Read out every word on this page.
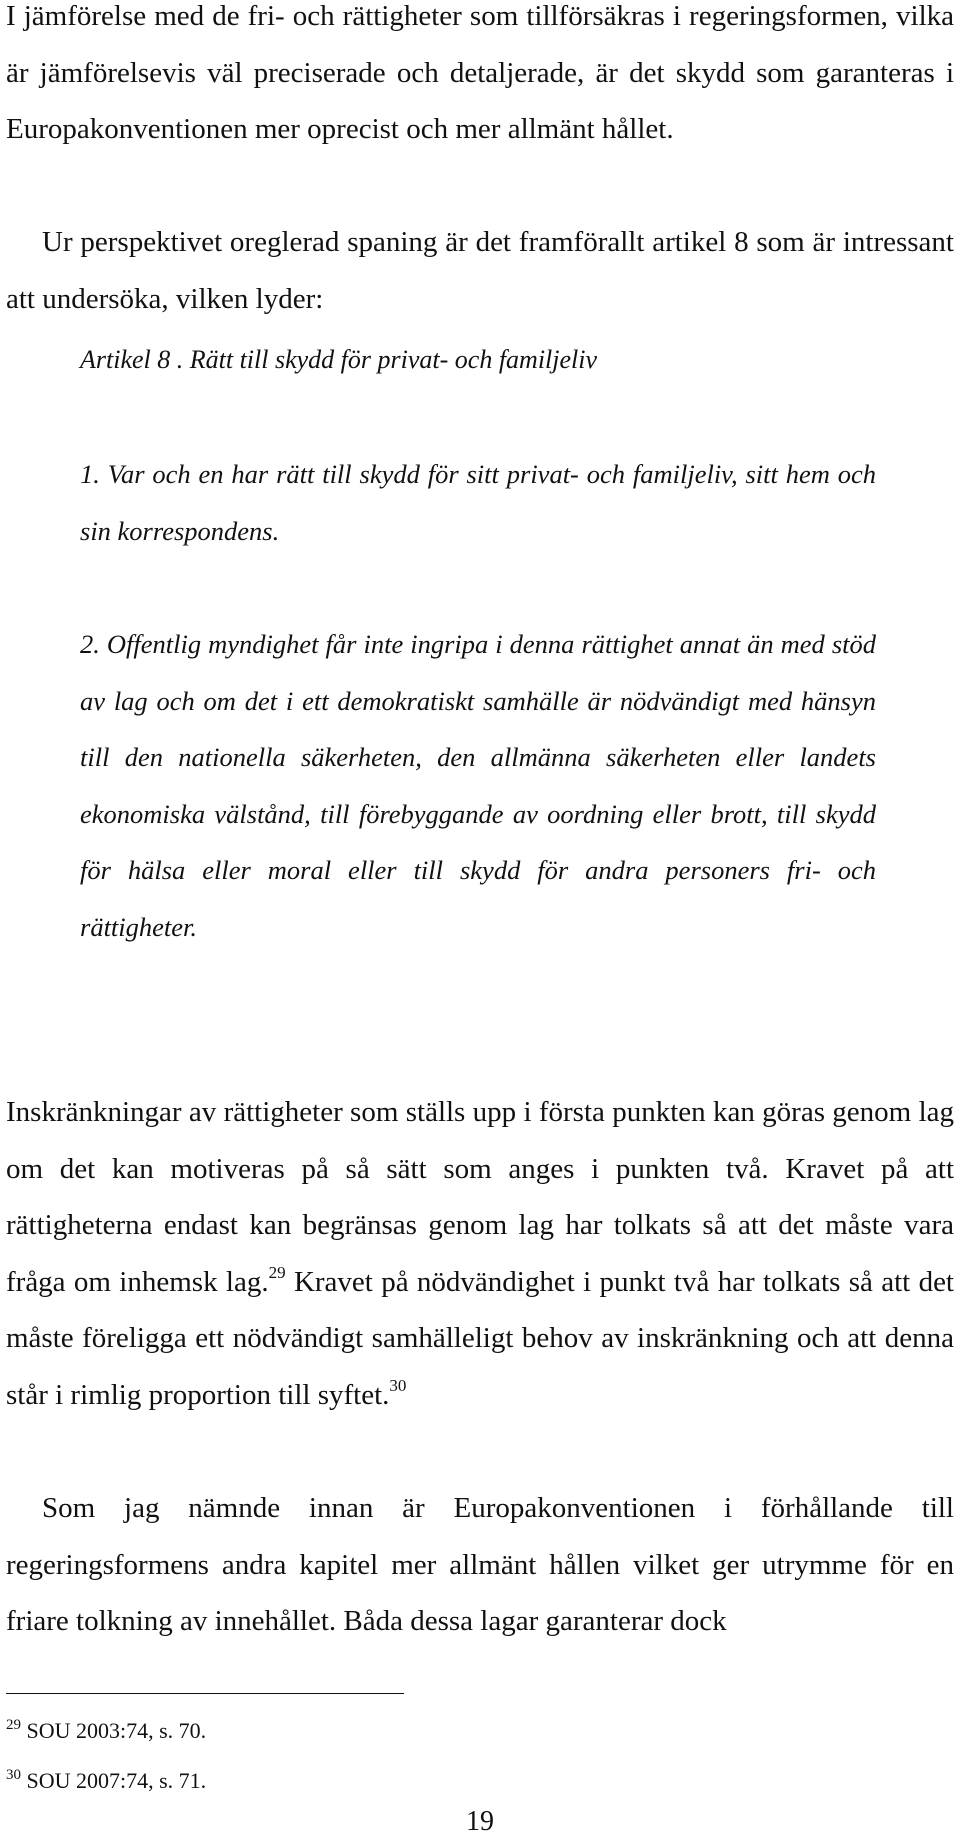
I jämförelse med de fri- och rättigheter som tillförsäkras i regeringsformen, vilka är jämförelsevis väl preciserade och detaljerade, är det skydd som garanteras i Europakonventionen mer oprecist och mer allmänt hållet.

Ur perspektivet oreglerad spaning är det framförallt artikel 8 som är intressant att undersöka, vilken lyder:

Artikel 8 . Rätt till skydd för privat- och familjeliv

1. Var och en har rätt till skydd för sitt privat- och familjeliv, sitt hem och sin korrespondens.

2. Offentlig myndighet får inte ingripa i denna rättighet annat än med stöd av lag och om det i ett demokratiskt samhälle är nödvändigt med hänsyn till den nationella säkerheten, den allmänna säkerheten eller landets ekonomiska välstånd, till förebyggande av oordning eller brott, till skydd för hälsa eller moral eller till skydd för andra personers fri- och rättigheter.

Inskränkningar av rättigheter som ställs upp i första punkten kan göras genom lag om det kan motiveras på så sätt som anges i punkten två. Kravet på att rättigheterna endast kan begränsas genom lag har tolkats så att det måste vara fråga om inhemsk lag.$^{29}$ Kravet på nödvändighet i punkt två har tolkats så att det måste föreligga ett nödvändigt samhälleligt behov av inskränkning och att denna står i rimlig proportion till syftet.$^{30}$

Som jag nämnde innan är Europakonventionen i förhållande till regeringsformens andra kapitel mer allmänt hållen vilket ger utrymme för en friare tolkning av innehållet. Båda dessa lagar garanterar dock

$^{29}$ SOU 2003:74, s. 70.

$^{30}$ SOU 2007:74, s. 71.

19
